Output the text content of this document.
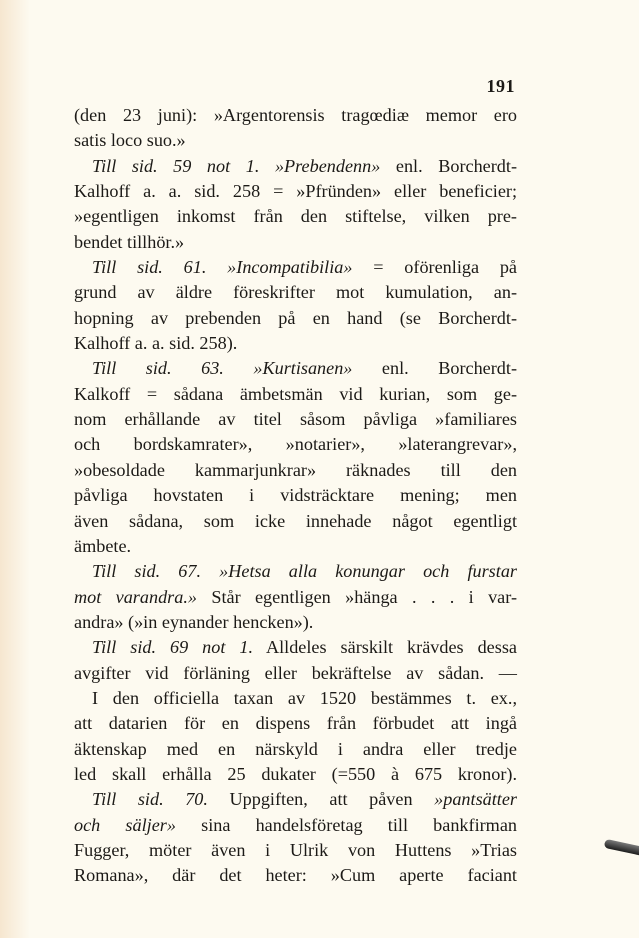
191
(den 23 juni): »Argentorensis tragœdiæ memor ero
satis loco suo.»
Till sid. 59 not 1. »Prebendenn» enl. Borcherdt-
Kalhoff a. a. sid. 258 = »Pfründen» eller beneficier;
»egentligen inkomst från den stiftelse, vilken pre-
bendet tillhör.»
Till sid. 61. »Incompatibilia» = oförenliga på
grund av äldre föreskrifter mot kumulation, an-
hopning av prebenden på en hand (se Borcherdt-
Kalhoff a. a. sid. 258).
Till sid. 63. »Kurtisanen» enl. Borcherdt-
Kalkoff = sådana ämbetsmän vid kurian, som ge-
nom erhållande av titel såsom påvliga »familiares
och bordskamrater», »notarier», »laterangrevar»,
»obesoldade kammarjunkrar» räknades till den
påvliga hovstaten i vidsträcktare mening; men
även sådana, som icke innehade något egentligt
ämbete.
Till sid. 67. »Hetsa alla konungar och furstar
mot varandra.» Står egentligen »hänga . . . i var-
andra» (»in eynander hencken»).
Till sid. 69 not 1. Alldeles särskilt krävdes dessa
avgifter vid förläning eller bekräftelse av sådan. —
I den officiella taxan av 1520 bestämmes t. ex.,
att datarien för en dispens från förbudet att ingå
äktenskap med en närskyld i andra eller tredje
led skall erhålla 25 dukater (=550 à 675 kronor).
Till sid. 70. Uppgiften, att påven »pantsätter
och säljer» sina handelsföretag till bankfirman
Fugger, möter även i Ulrik von Huttens »Trias
Romana», där det heter: »Cum aperte faciant
